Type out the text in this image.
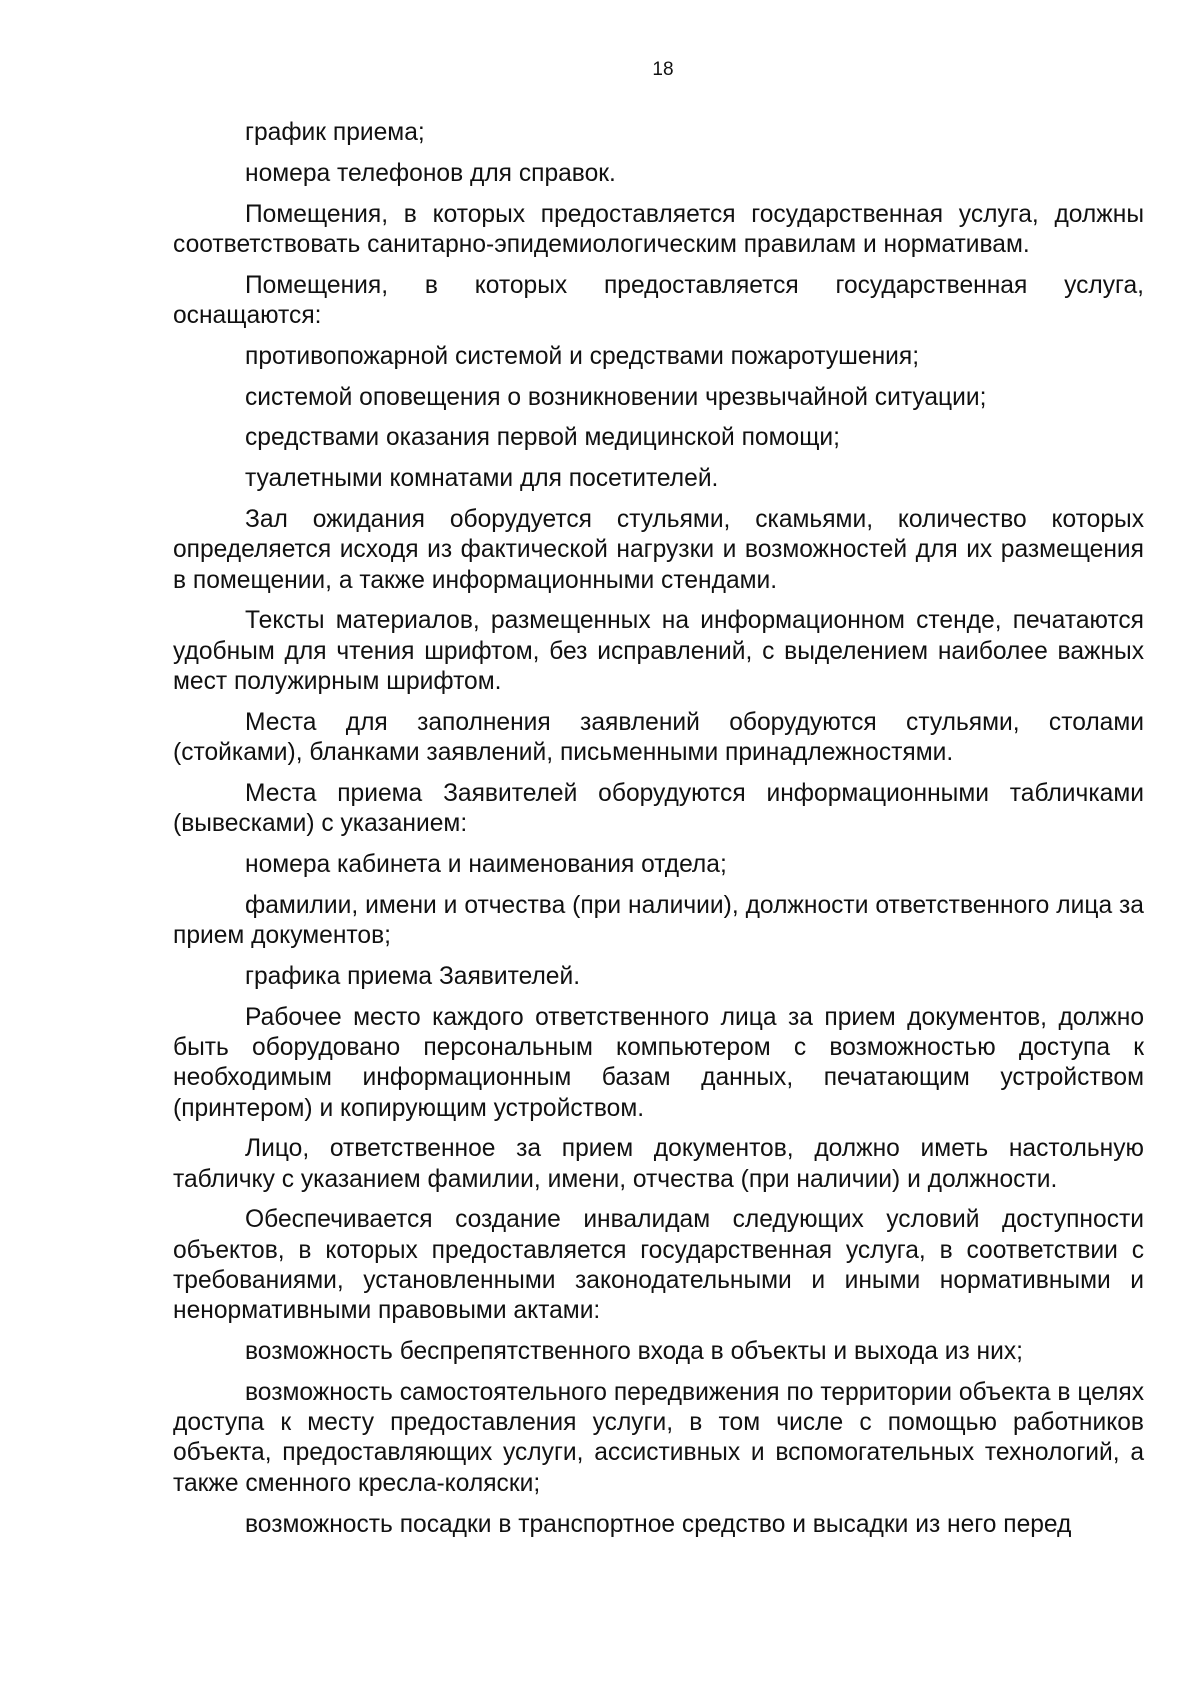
18

график приема;

номера телефонов для справок.

Помещения, в которых предоставляется государственная услуга, должны соответствовать санитарно-эпидемиологическим правилам и нормативам.

Помещения, в которых предоставляется государственная услуга, оснащаются:

противопожарной системой и средствами пожаротушения;

системой оповещения о возникновении чрезвычайной ситуации;

средствами оказания первой медицинской помощи;

туалетными комнатами для посетителей.

Зал ожидания оборудуется стульями, скамьями, количество которых определяется исходя из фактической нагрузки и возможностей для их размещения в помещении, а также информационными стендами.

Тексты материалов, размещенных на информационном стенде, печатаются удобным для чтения шрифтом, без исправлений, с выделением наиболее важных мест полужирным шрифтом.

Места для заполнения заявлений оборудуются стульями, столами (стойками), бланками заявлений, письменными принадлежностями.

Места приема Заявителей оборудуются информационными табличками (вывесками) с указанием:

номера кабинета и наименования отдела;

фамилии, имени и отчества (при наличии), должности ответственного лица за прием документов;

графика приема Заявителей.

Рабочее место каждого ответственного лица за прием документов, должно быть оборудовано персональным компьютером с возможностью доступа к необходимым информационным базам данных, печатающим устройством (принтером) и копирующим устройством.

Лицо, ответственное за прием документов, должно иметь настольную табличку с указанием фамилии, имени, отчества (при наличии) и должности.

Обеспечивается создание инвалидам следующих условий доступности объектов, в которых предоставляется государственная услуга, в соответствии с требованиями, установленными законодательными и иными нормативными и ненормативными правовыми актами:

возможность беспрепятственного входа в объекты и выхода из них;

возможность самостоятельного передвижения по территории объекта в целях доступа к месту предоставления услуги, в том числе с помощью работников объекта, предоставляющих услуги, ассистивных и вспомогательных технологий, а также сменного кресла-коляски;

возможность посадки в транспортное средство и высадки из него перед
